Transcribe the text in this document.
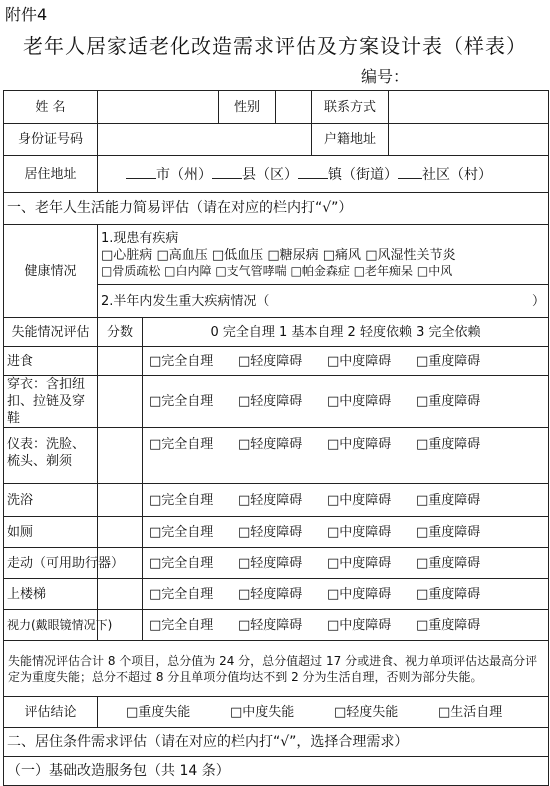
附件4
老年人居家适老化改造需求评估及方案设计表（样表）
编号：
姓 名			性别		联系方式	
身份证号码					户籍地址	
居住地址	市（州） 县（区） 镇（街道） 社区（村）					
一、老年人生活能力简易评估（请在对应的栏内打“√”）						
健康情况	1.现患有疾病
□心脏病 □高血压 □低血压 □糖尿病 □痛风 □风湿性关节炎
□骨质疏松 □白内障 □支气管哮喘 □帕金森症 □老年痴呆 □中风					

	2.半年内发生重大疾病情况（ ）					

失能情况评估	分数	0 完全自理 1 基本自理 2 轻度依赖 3 完全依赖				
进食		□完全自理 □轻度障碍 □中度障碍 □重度障碍				
穿衣：含扣纽扣、拉链及穿鞋		□完全自理 □轻度障碍 □中度障碍 □重度障碍				
仪表：洗脸、梳头、剃须		□完全自理 □轻度障碍 □中度障碍 □重度障碍				
洗浴		□完全自理 □轻度障碍 □中度障碍 □重度障碍				
如厕		□完全自理 □轻度障碍 □中度障碍 □重度障碍				
走动（可用助行器）		□完全自理 □轻度障碍 □中度障碍 □重度障碍				
上楼梯		□完全自理 □轻度障碍 □中度障碍 □重度障碍				
视力(戴眼镜情况下)		□完全自理 □轻度障碍 □中度障碍 □重度障碍				
失能情况评估合计 8 个项目，总分值为 24 分，总分值超过 17 分或进食、视力单项评估达最高分评定为重度失能；总分不超过 8 分且单项分值均达不到 2 分为生活自理，否则为部分失能。						
评估结论	□重度失能 □中度失能 □轻度失能 □生活自理					
二、居住条件需求评估（请在对应的栏内打“√”，选择合理需求）						
（一）基础改造服务包（共 14 条）						
